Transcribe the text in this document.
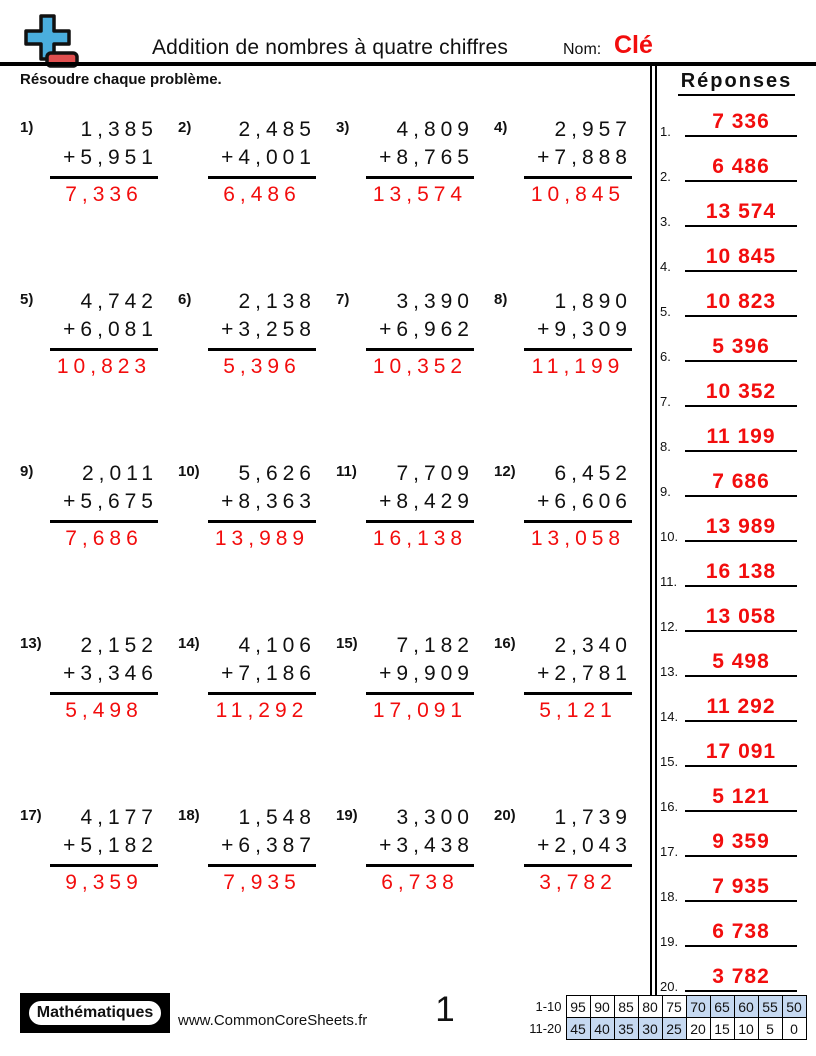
Addition de nombres à quatre chiffres	Nom: Clé
Résoudre chaque problème.
1)	1,385
+5,951
7,336
2)	2,485
+4,001
6,486
3)	4,809
+8,765
13,574
4)	2,957
+7,888
10,845
5)	4,742
+6,081
10,823
6)	2,138
+3,258
5,396
7)	3,390
+6,962
10,352
8)	1,890
+9,309
11,199
9)	2,011
+5,675
7,686
10)	5,626
+8,363
13,989
11)	7,709
+8,429
16,138
12)	6,452
+6,606
13,058
13)	2,152
+3,346
5,498
14)	4,106
+7,186
11,292
15)	7,182
+9,909
17,091
16)	2,340
+2,781
5,121
17)	4,177
+5,182
9,359
18)	1,548
+6,387
7,935
19)	3,300
+3,438
6,738
20)	1,739
+2,043
3,782
Réponses
1.	7 336
2.	6 486
3.	13 574
4.	10 845
5.	10 823
6.	5 396
7.	10 352
8.	11 199
9.	7 686
10.	13 989
11.	16 138
12.	13 058
13.	5 498
14.	11 292
15.	17 091
16.	5 121
17.	9 359
18.	7 935
19.	6 738
20.	3 782
Mathématiques	www.CommonCoreSheets.fr	1	1-10	95	90	85	80	75	70	65	60	55	50
11-20	45	40	35	30	25	20	15	10	5	0
